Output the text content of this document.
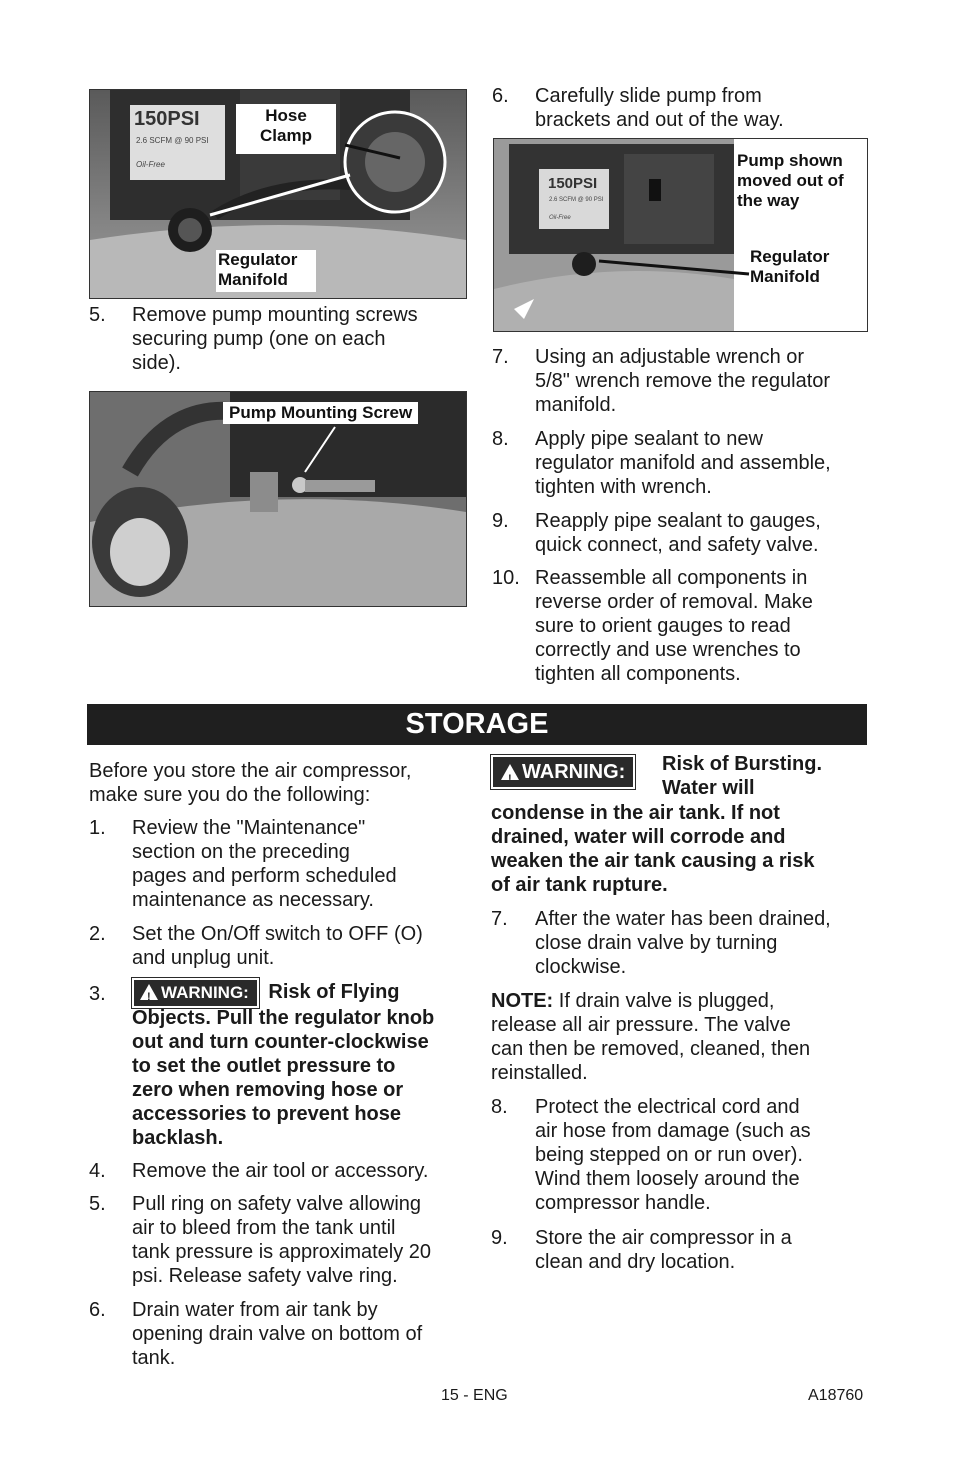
150PSI
2.6 SCFM @ 90 PSI
Oil-Free
Hose
Clamp
Regulator
Manifold
5. Remove pump mounting screws
securing pump (one on each
side).
Pump Mounting Screw
6. Carefully slide pump from
brackets and out of the way.
150PSI
2.6 SCFM @ 90 PSI
Oil-Free
Pump shown
moved out of
the way
Regulator
Manifold
7. Using an adjustable wrench or
5/8" wrench remove the regulator
manifold.
8. Apply pipe sealant to new
regulator manifold and assemble,
tighten with wrench.
9. Reapply pipe sealant to gauges,
quick connect, and safety valve.
10. Reassemble all components in
reverse order of removal. Make
sure to orient gauges to read
correctly and use wrenches to
tighten all components.
STORAGE
Before you store the air compressor,
make sure you do the following:
1. Review the "Maintenance"
section on the preceding
pages and perform scheduled
maintenance as necessary.
2. Set the On/Off switch to OFF (O)
and unplug unit.
3.
!	WARNING: Risk of Flying
Objects. Pull the regulator knob
out and turn counter-clockwise
to set the outlet pressure to
zero when removing hose or
accessories to prevent hose
backlash.
4. Remove the air tool or accessory.
5. Pull ring on safety valve allowing
air to bleed from the tank until
tank pressure is approximately 20
psi. Release safety valve ring.
6. Drain water from air tank by
opening drain valve on bottom of
tank.
!WARNING:	Risk of Bursting.
Water will
condense in the air tank. If not
drained, water will corrode and
weaken the air tank causing a risk
of air tank rupture.
7. After the water has been drained,
close drain valve by turning
clockwise.
NOTE: If drain valve is plugged,
release all air pressure. The valve
can then be removed, cleaned, then
reinstalled.
8. Protect the electrical cord and
air hose from damage (such as
being stepped on or run over).
Wind them loosely around the
compressor handle.
9. Store the air compressor in a
clean and dry location.
15 - ENG	A18760
